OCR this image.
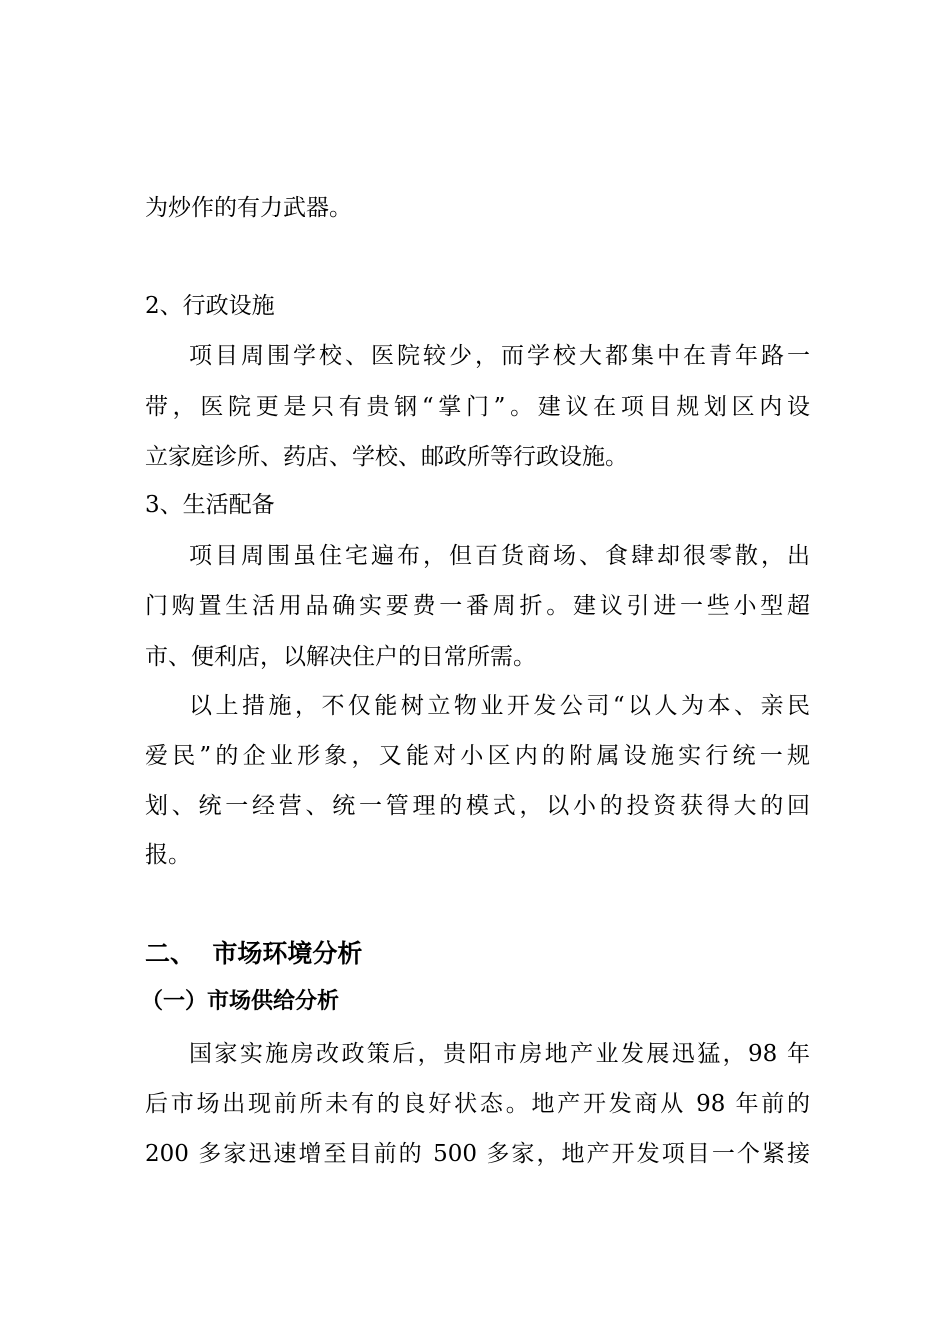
为炒作的有力武器。
2、行政设施
项目周围学校、医院较少，而学校大都集中在青年路一
带，医院更是只有贵钢“掌门”。建议在项目规划区内设
立家庭诊所、药店、学校、邮政所等行政设施。
3、生活配备
项目周围虽住宅遍布，但百货商场、食肆却很零散，出
门购置生活用品确实要费一番周折。建议引进一些小型超
市、便利店，以解决住户的日常所需。
以上措施，不仅能树立物业开发公司“以人为本、亲民
爱民”的企业形象，又能对小区内的附属设施实行统一规
划、统一经营、统一管理的模式，以小的投资获得大的回
报。
二、  市场环境分析
（一）市场供给分析
国家实施房改政策后，贵阳市房地产业发展迅猛，98 年
后市场出现前所未有的良好状态。地产开发商从 98 年前的
200 多家迅速增至目前的 500 多家，地产开发项目一个紧接
